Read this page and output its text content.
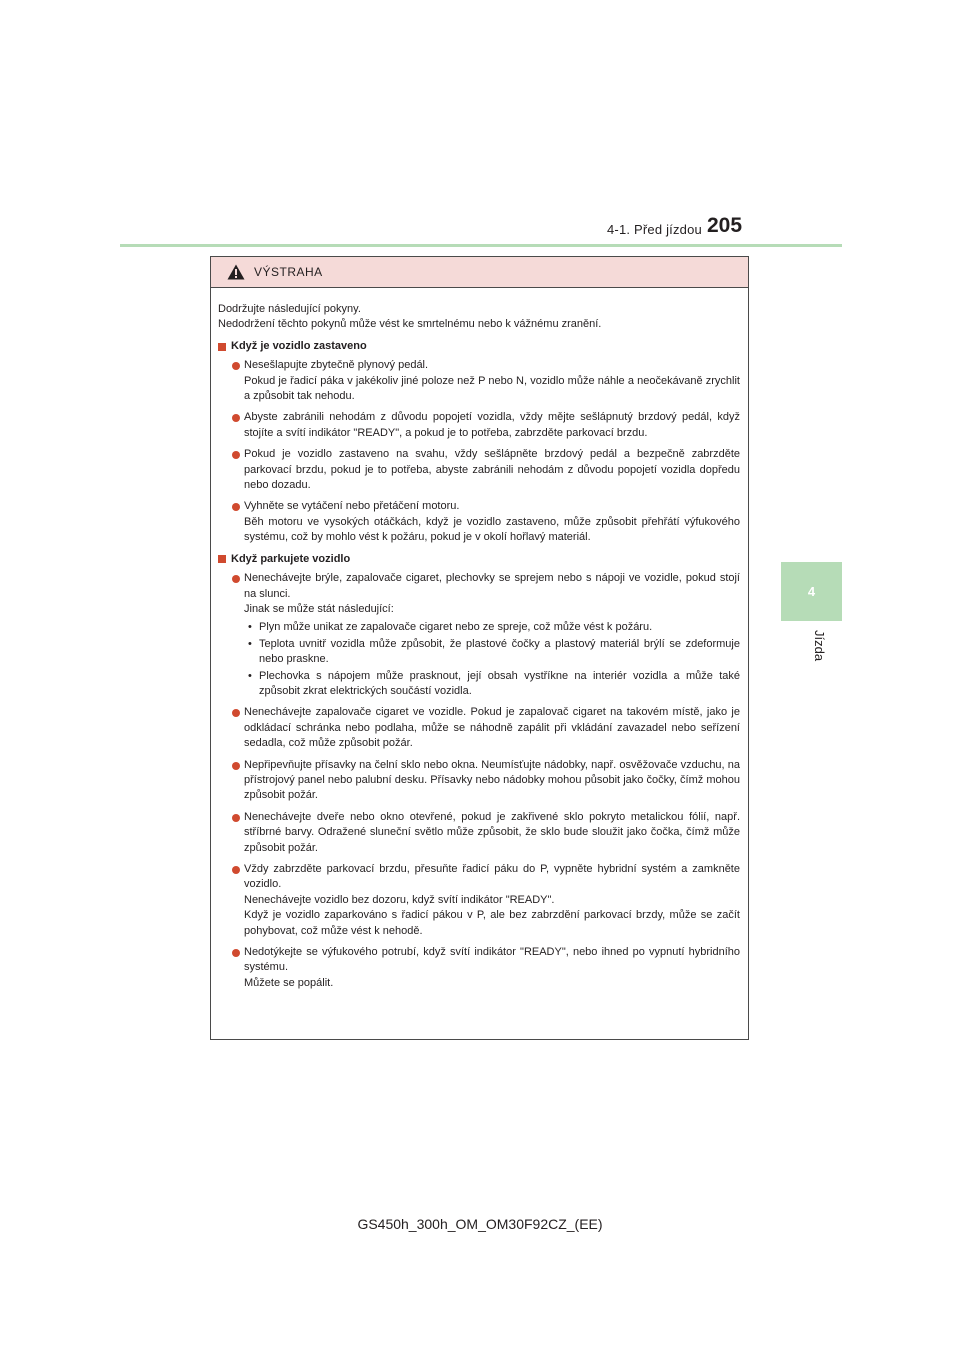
4-1. Před jízdou 205
4
Jízda
VÝSTRAHA

Dodržujte následující pokyny.

Nedodržení těchto pokynů může vést ke smrtelnému nebo k vážnému zranění.

Když je vozidlo zastaveno

Nesešlapujte zbytečně plynový pedál.

Pokud je řadicí páka v jakékoliv jiné poloze než P nebo N, vozidlo může náhle a neočekávaně zrychlit a způsobit tak nehodu.

Abyste zabránili nehodám z důvodu popojetí vozidla, vždy mějte sešlápnutý brzdový pedál, když stojíte a svítí indikátor "READY", a pokud je to potřeba, zabrzděte parkovací brzdu.

Pokud je vozidlo zastaveno na svahu, vždy sešlápněte brzdový pedál a bezpečně zabrzděte parkovací brzdu, pokud je to potřeba, abyste zabránili nehodám z důvodu popojetí vozidla dopředu nebo dozadu.

Vyhněte se vytáčení nebo přetáčení motoru.

Běh motoru ve vysokých otáčkách, když je vozidlo zastaveno, může způsobit přehřátí výfukového systému, což by mohlo vést k požáru, pokud je v okolí hořlavý materiál.

Když parkujete vozidlo

Nenechávejte brýle, zapalovače cigaret, plechovky se sprejem nebo s nápoji ve vozidle, pokud stojí na slunci.

Jinak se může stát následující:

• Plyn může unikat ze zapalovače cigaret nebo ze spreje, což může vést k požáru.
• Teplota uvnitř vozidla může způsobit, že plastové čočky a plastový materiál brýlí se zdeformuje nebo praskne.
• Plechovka s nápojem může prasknout, její obsah vystříkne na interiér vozidla a může také způsobit zkrat elektrických součástí vozidla.

Nenechávejte zapalovače cigaret ve vozidle. Pokud je zapalovač cigaret na takovém místě, jako je odkládací schránka nebo podlaha, může se náhodně zapálit při vkládání zavazadel nebo seřízení sedadla, což může způsobit požár.

Nepřipevňujte přísavky na čelní sklo nebo okna. Neumísťujte nádobky, např. osvěžovače vzduchu, na přístrojový panel nebo palubní desku. Přísavky nebo nádobky mohou působit jako čočky, čímž mohou způsobit požár.

Nenechávejte dveře nebo okno otevřené, pokud je zakřivené sklo pokryto metalickou fólií, např. stříbrné barvy. Odražené sluneční světlo může způsobit, že sklo bude sloužit jako čočka, čímž může způsobit požár.

Vždy zabrzděte parkovací brzdu, přesuňte řadicí páku do P, vypněte hybridní systém a zamkněte vozidlo.

Nenechávejte vozidlo bez dozoru, když svítí indikátor "READY".

Když je vozidlo zaparkováno s řadicí pákou v P, ale bez zabrzdění parkovací brzdy, může se začít pohybovat, což může vést k nehodě.

Nedotýkejte se výfukového potrubí, když svítí indikátor "READY", nebo ihned po vypnutí hybridního systému.

Můžete se popálit.

GS450h_300h_OM_OM30F92CZ_(EE)
